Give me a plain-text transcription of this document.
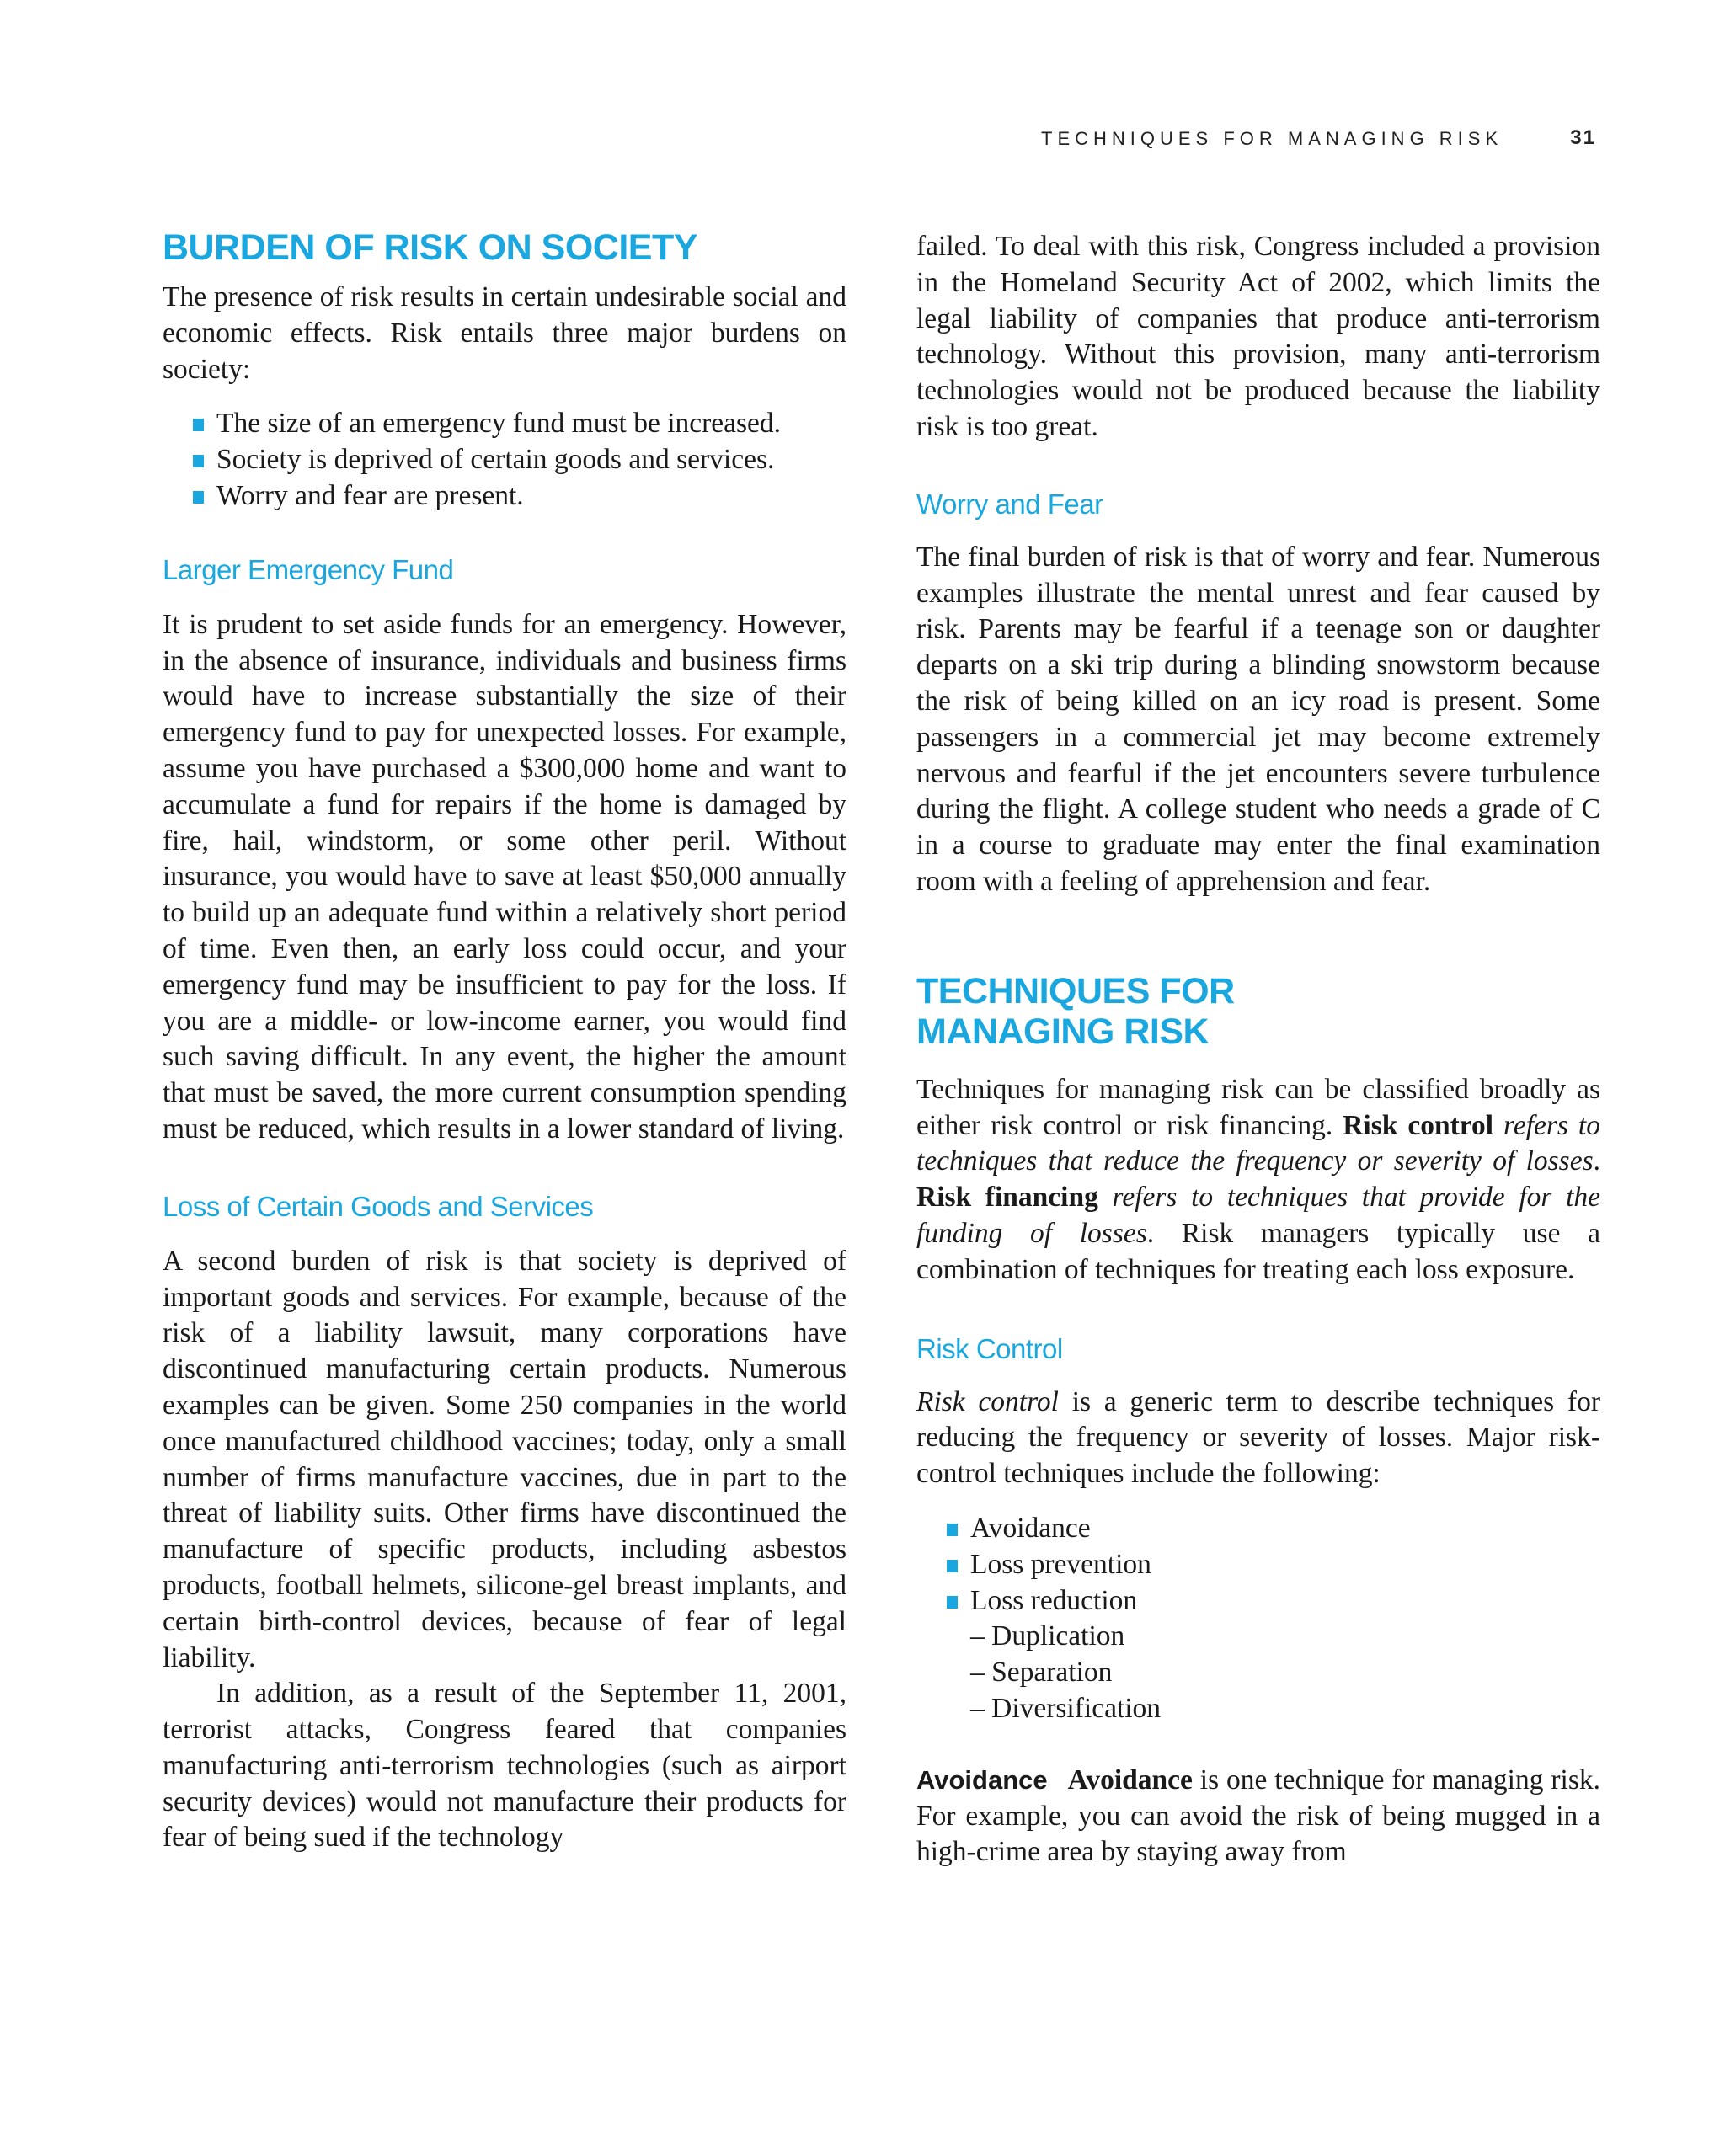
TECHNIQUES FOR MANAGING RISK	31
BURDEN OF RISK ON SOCIETY

The presence of risk results in certain undesirable social and economic effects. Risk entails three major burdens on society:

The size of an emergency fund must be increased.
Society is deprived of certain goods and services.
Worry and fear are present.
Larger Emergency Fund

It is prudent to set aside funds for an emergency. However, in the absence of insurance, individuals and business firms would have to increase substantially the size of their emergency fund to pay for unexpected losses. For example, assume you have purchased a $300,000 home and want to accumulate a fund for repairs if the home is damaged by fire, hail, windstorm, or some other peril. Without insurance, you would have to save at least $50,000 annually to build up an adequate fund within a relatively short period of time. Even then, an early loss could occur, and your emergency fund may be insufficient to pay for the loss. If you are a middle- or low-income earner, you would find such saving difficult. In any event, the higher the amount that must be saved, the more current consumption spending must be reduced, which results in a lower standard of living.

Loss of Certain Goods and Services

A second burden of risk is that society is deprived of important goods and services. For example, because of the risk of a liability lawsuit, many corporations have discontinued manufacturing certain products. Numerous examples can be given. Some 250 companies in the world once manufactured childhood vaccines; today, only a small number of firms manufacture vaccines, due in part to the threat of liability suits. Other firms have discontinued the manufacture of specific products, including asbestos products, football helmets, silicone-gel breast implants, and certain birth-control devices, because of fear of legal liability.

In addition, as a result of the September 11, 2001, terrorist attacks, Congress feared that companies manufacturing anti-terrorism technologies (such as airport security devices) would not manufacture their products for fear of being sued if the technology

failed. To deal with this risk, Congress included a provision in the Homeland Security Act of 2002, which limits the legal liability of companies that produce anti-terrorism technology. Without this provision, many anti-terrorism technologies would not be produced because the liability risk is too great.

Worry and Fear

The final burden of risk is that of worry and fear. Numerous examples illustrate the mental unrest and fear caused by risk. Parents may be fearful if a teenage son or daughter departs on a ski trip during a blinding snowstorm because the risk of being killed on an icy road is present. Some passengers in a commercial jet may become extremely nervous and fearful if the jet encounters severe turbulence during the flight. A college student who needs a grade of C in a course to graduate may enter the final examination room with a feeling of apprehension and fear.

TECHNIQUES FOR
MANAGING RISK

Techniques for managing risk can be classified broadly as either risk control or risk financing. Risk control refers to techniques that reduce the frequency or severity of losses. Risk financing refers to techniques that provide for the funding of losses. Risk managers typically use a combination of techniques for treating each loss exposure.

Risk Control

Risk control is a generic term to describe techniques for reducing the frequency or severity of losses. Major risk-control techniques include the following:

Avoidance
Loss prevention
Loss reduction
– Duplication
– Separation
– Diversification

Avoidance Avoidance is one technique for managing risk. For example, you can avoid the risk of being mugged in a high-crime area by staying away from
